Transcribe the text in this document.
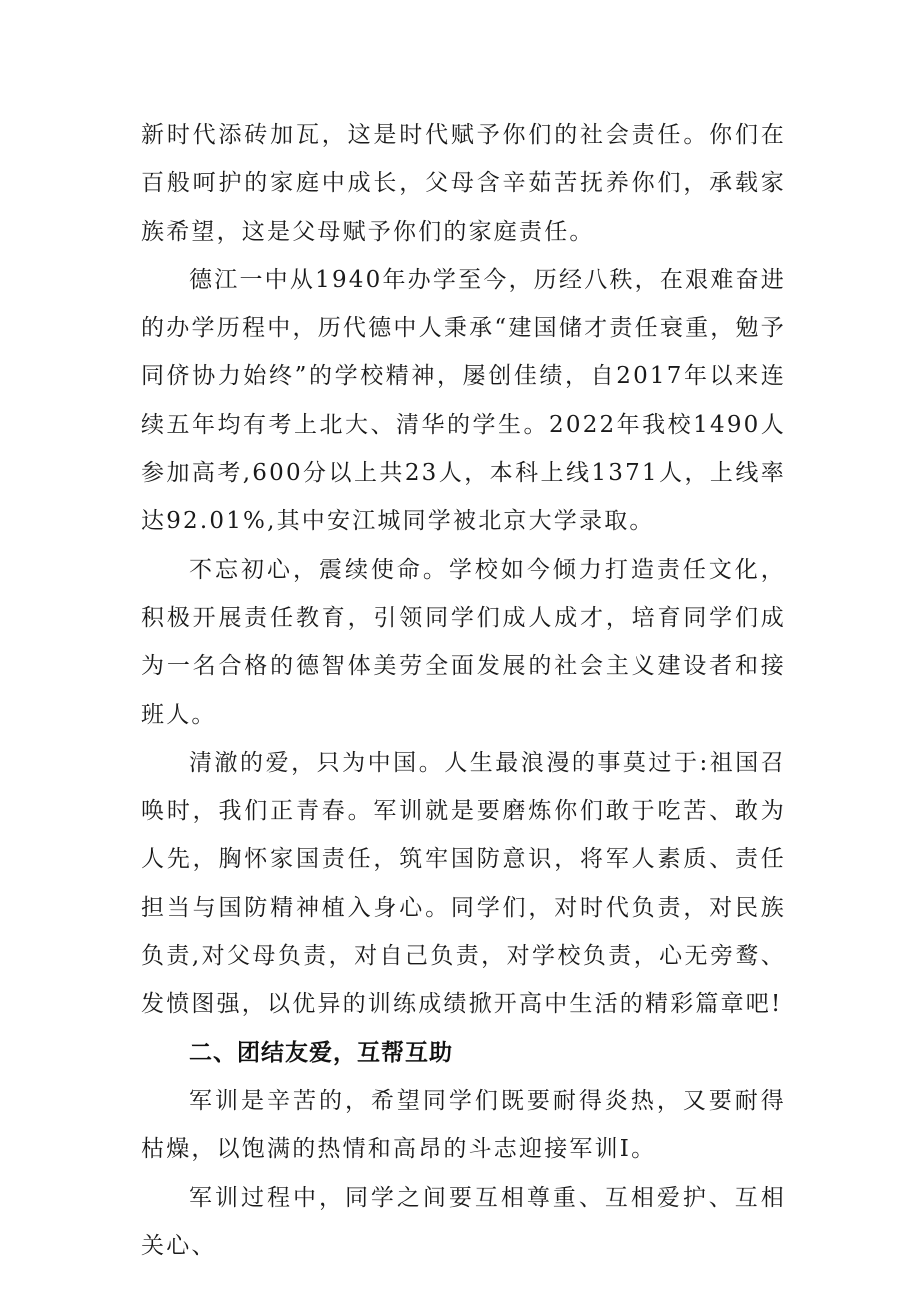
新时代添砖加瓦，这是时代赋予你们的社会责任。你们在百般呵护的家庭中成长，父母含辛茹苦抚养你们，承载家族希望，这是父母赋予你们的家庭责任。

德江一中从1940年办学至今，历经八秩，在艰难奋进的办学历程中，历代德中人秉承“建国储才责任衰重，勉予同侪协力始终”的学校精神，屡创佳绩，自2017年以来连续五年均有考上北大、清华的学生。2022年我校1490人参加高考,600分以上共23人，本科上线1371人，上线率达92.01%,其中安江城同学被北京大学录取。

不忘初心，震续使命。学校如今倾力打造责任文化，积极开展责任教育，引领同学们成人成才，培育同学们成为一名合格的德智体美劳全面发展的社会主义建设者和接班人。

清澈的爱，只为中国。人生最浪漫的事莫过于:祖国召唤时，我们正青春。军训就是要磨炼你们敢于吃苦、敢为人先，胸怀家国责任，筑牢国防意识，将军人素质、责任担当与国防精神植入身心。同学们，对时代负责，对民族负责,对父母负责，对自己负责，对学校负责，心无旁鹜、发愤图强，以优异的训练成绩掀开高中生活的精彩篇章吧!

二、团结友爱，互帮互助

军训是辛苦的，希望同学们既要耐得炎热，又要耐得枯燥，以饱满的热情和高昂的斗志迎接军训I。

军训过程中，同学之间要互相尊重、互相爱护、互相关心、
